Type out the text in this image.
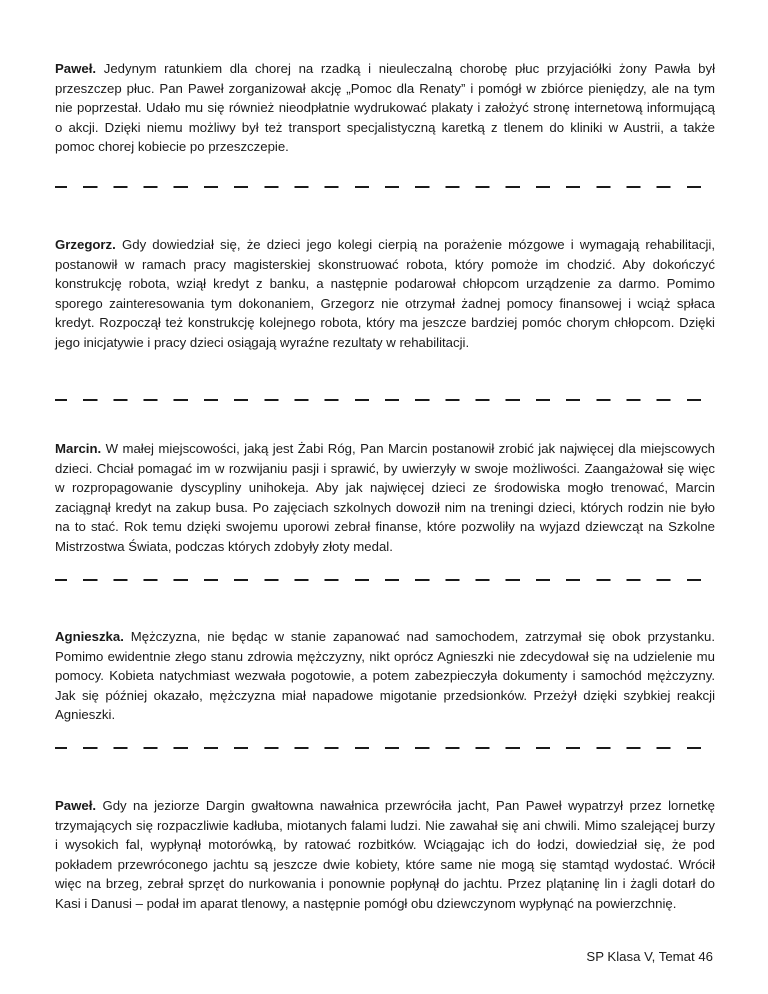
Paweł. Jedynym ratunkiem dla chorej na rzadką i nieuleczalną chorobę płuc przyjaciółki żony Pawła był przeszczep płuc. Pan Paweł zorganizował akcję „Pomoc dla Renaty” i pomógł w zbiórce pieniędzy, ale na tym nie poprzestał. Udało mu się również nieodpłatnie wydrukować plakaty i założyć stronę internetową informującą o akcji. Dzięki niemu możliwy był też transport specjalistyczną karetką z tlenem do kliniki w Austrii, a także pomoc chorej kobiecie po przeszczepie.

Grzegorz. Gdy dowiedział się, że dzieci jego kolegi cierpią na porażenie mózgowe i wymagają rehabilitacji, postanowił w ramach pracy magisterskiej skonstruować robota, który pomoże im chodzić. Aby dokończyć konstrukcję robota, wziął kredyt z banku, a następnie podarował chłopcom urządzenie za darmo. Pomimo sporego zainteresowania tym dokonaniem, Grzegorz nie otrzymał żadnej pomocy finansowej i wciąż spłaca kredyt. Rozpoczął też konstrukcję kolejnego robota, który ma jeszcze bardziej pomóc chorym chłopcom. Dzięki jego inicjatywie i pracy dzieci osiągają wyraźne rezultaty w rehabilitacji.

Marcin. W małej miejscowości, jaką jest Żabi Róg, Pan Marcin postanowił zrobić jak najwięcej dla miejscowych dzieci. Chciał pomagać im w rozwijaniu pasji i sprawić, by uwierzyły w swoje możliwości. Zaangażował się więc w rozpropagowanie dyscypliny unihokeja. Aby jak najwięcej dzieci ze środowiska mogło trenować, Marcin zaciągnął kredyt na zakup busa. Po zajęciach szkolnych dowoził nim na treningi dzieci, których rodzin nie było na to stać. Rok temu dzięki swojemu uporowi zebrał finanse, które pozwoliły na wyjazd dziewcząt na Szkolne Mistrzostwa Świata, podczas których zdobyły złoty medal.

Agnieszka. Mężczyzna, nie będąc w stanie zapanować nad samochodem, zatrzymał się obok przystanku. Pomimo ewidentnie złego stanu zdrowia mężczyzny, nikt oprócz Agnieszki nie zdecydował się na udzielenie mu pomocy. Kobieta natychmiast wezwała pogotowie, a potem zabezpieczyła dokumenty i samochód mężczyzny. Jak się później okazało, mężczyzna miał napadowe migotanie przedsionków. Przeżył dzięki szybkiej reakcji Agnieszki.

Paweł. Gdy na jeziorze Dargin gwałtowna nawałnica przewróciła jacht, Pan Paweł wypatrzył przez lornetkę trzymających się rozpaczliwie kadłuba, miotanych falami ludzi. Nie zawahał się ani chwili. Mimo szalejącej burzy i wysokich fal, wypłynął motorówką, by ratować rozbitków. Wciągając ich do łodzi, dowiedział się, że pod pokładem przewróconego jachtu są jeszcze dwie kobiety, które same nie mogą się stamtąd wydostać. Wrócił więc na brzeg, zebrał sprzęt do nurkowania i ponownie popłynął do jachtu. Przez plątaninę lin i żagli dotarł do Kasi i Danusi – podał im aparat tlenowy, a następnie pomógł obu dziewczynom wypłynąć na powierzchnię.

SP Klasa V, Temat 46
